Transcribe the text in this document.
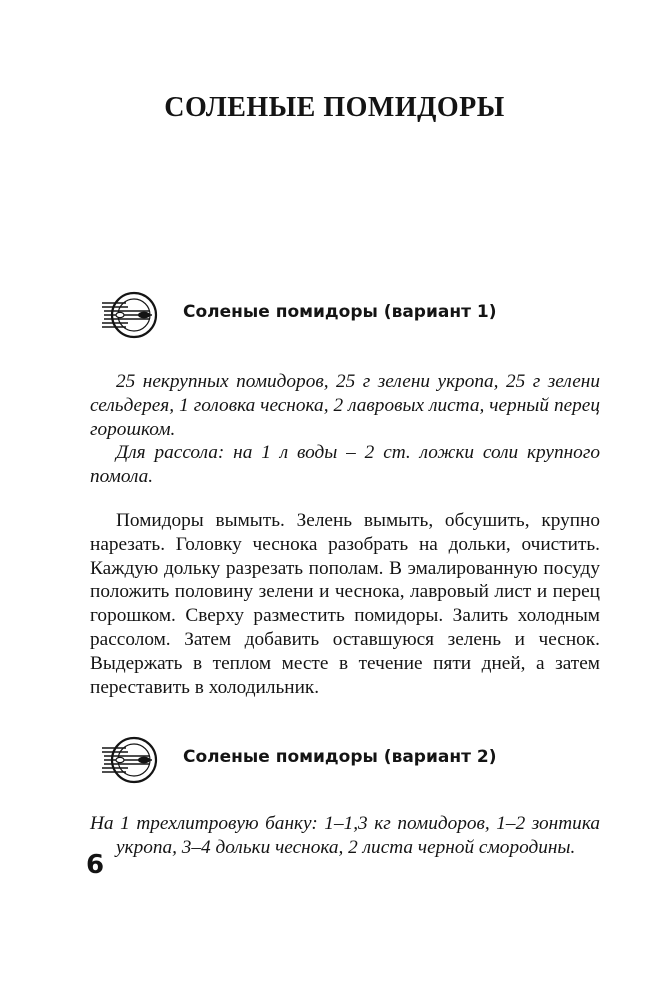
СОЛЕНЫЕ ПОМИДОРЫ
Соленые помидоры (вариант 1)

25 некрупных помидоров, 25 г зелени укропа, 25 г зелени сельдерея, 1 головка чеснока, 2 лавровых листа, черный перец горошком.

Для рассола: на 1 л воды – 2 ст. ложки соли крупного помола.

Помидоры вымыть. Зелень вымыть, обсушить, крупно нарезать. Головку чеснока разобрать на дольки, очистить. Каждую дольку разрезать пополам. В эмалированную посуду положить половину зелени и чеснока, лавровый лист и перец горошком. Сверху разместить помидоры. Залить холодным рассолом. Затем добавить оставшуюся зелень и чеснок. Выдержать в теплом месте в течение пяти дней, а затем переставить в холодильник.

Соленые помидоры (вариант 2)

На 1 трехлитровую банку: 1–1,3 кг помидоров, 1–2 зонтика укропа, 3–4 дольки чеснока, 2 листа черной смородины.

6
